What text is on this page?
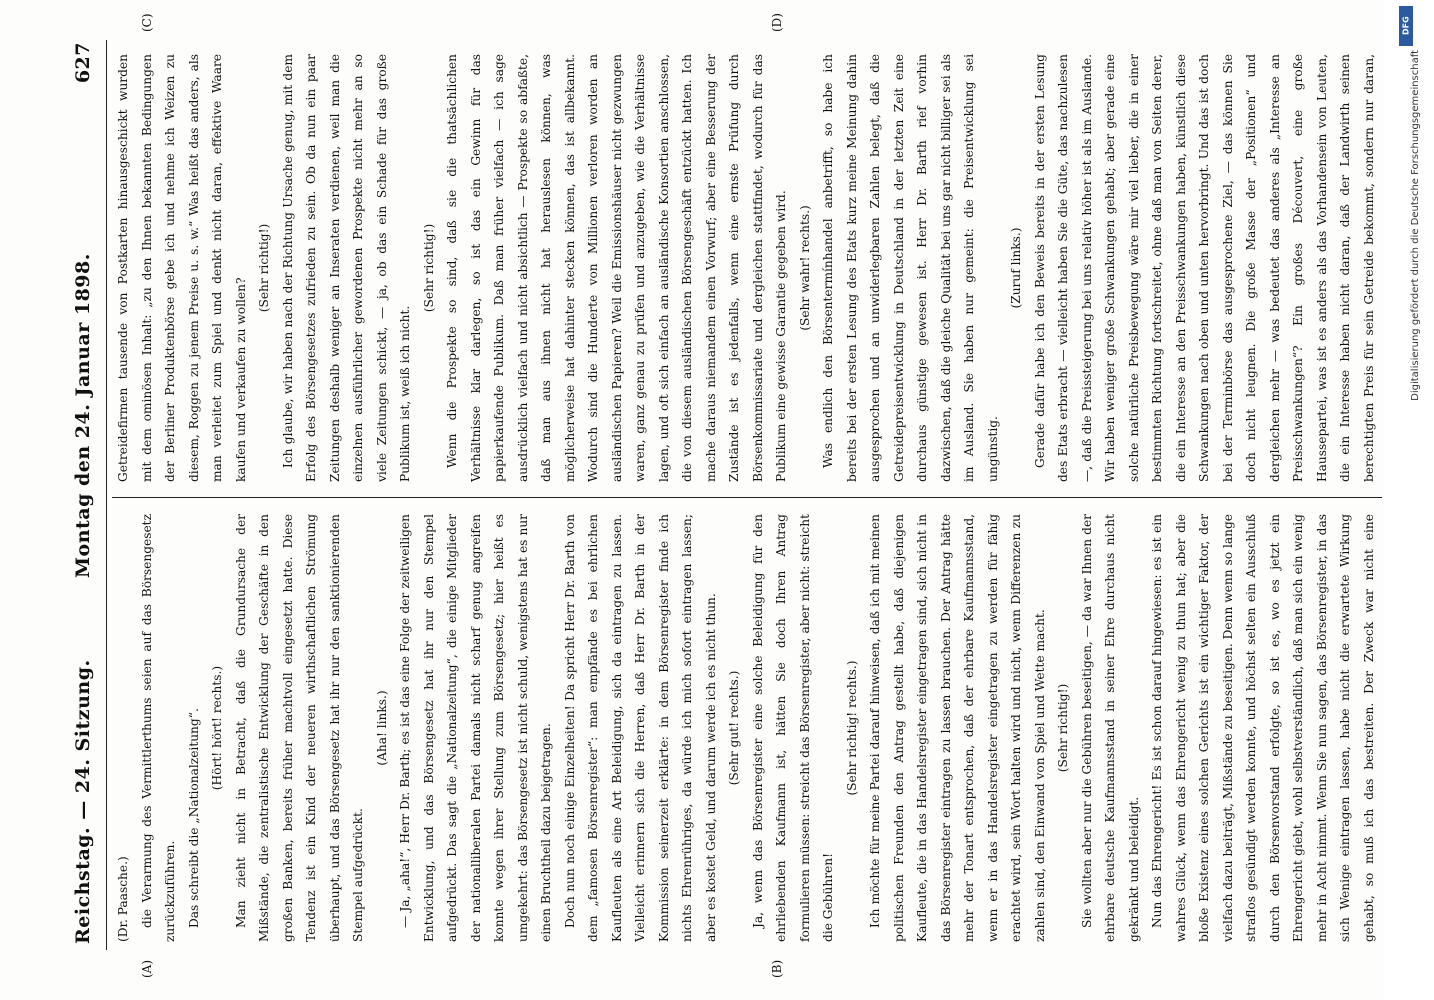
Reichstag. — 24. Sitzung.
Montag den 24. Januar 1898.
627
(A)	(B)
(C)	(D)

(Dr. Paasche.) die Verarmung des Vermittlerthums seien auf das Börsengesetz zurückzuführen. Das schreibt die „Nationalzeitung“. (Hört! hört! rechts.) Man zieht nicht in Betracht, daß die Grundursache der Mißstände, die zentralistische Entwicklung der Geschäfte in den großen Banken, bereits früher machtvoll eingesetzt hatte. Diese Tendenz ist ein Kind der neueren wirthschaftlichen Strömung überhaupt, und das Börsengesetz hat ihr nur den sanktionierenden Stempel aufgedrückt.

(Aha! links.) — Ja, „aha!“, Herr Dr. Barth; es ist das eine Folge der zeitweiligen Entwicklung, und das Börsengesetz hat ihr nur den Stempel aufgedrückt. Das sagt die „Nationalzeitung“, die einige Mitglieder der nationalliberalen Partei damals nicht scharf genug angreifen konnte wegen ihrer Stellung zum Börsengesetz; hier heißt es umgekehrt: das Börsengesetz ist nicht schuld, wenigstens hat es nur einen Bruchtheil dazu beigetragen. Doch nun noch einige Einzelheiten! Da spricht Herr Dr. Barth von dem „famosen Börsenregister“: man empfände es bei ehrlichen Kaufleuten als eine Art Beleidigung, sich da eintragen zu lassen. Vielleicht erinnern sich die Herren, daß Herr Dr. Barth in der Kommission seinerzeit erklärte: in dem Börsenregister finde ich nichts Ehrenrühriges, da würde ich mich sofort eintragen lassen; aber es kostet Geld, und darum werde ich es nicht thun. (Sehr gut! rechts.) Ja, wenn das Börsenregister eine solche Beleidigung für den ehrliebenden Kaufmann ist, hätten Sie doch Ihren Antrag formulieren müssen: streicht das Börsenregister, aber nicht: streicht die Gebühren!

(Sehr richtig! rechts.) Ich möchte für meine Partei darauf hinweisen, daß ich mit meinen politischen Freunden den Antrag gestellt habe, daß diejenigen Kaufleute, die in das Handelsregister eingetragen sind, sich nicht in das Börsenregister eintragen zu lassen brauchen. Der Antrag hätte mehr der Tonart entsprochen, daß der ehrbare Kaufmannsstand, wenn er in das Handelsregister eingetragen zu werden für fähig erachtet wird, sein Wort halten wird und nicht, wenn Differenzen zu zahlen sind, den Einwand von Spiel und Wette macht. (Sehr richtig!) Sie wollten aber nur die Gebühren beseitigen, — da war Ihnen der ehrbare deutsche Kaufmannsstand in seiner Ehre durchaus nicht gekränkt und beleidigt. Nun das Ehrengericht! Es ist schon darauf hingewiesen: es ist ein wahres Glück, wenn das Ehrengericht wenig zu thun hat; aber die bloße Existenz eines solchen Gerichts ist ein wichtiger Faktor, der vielfach dazu beiträgt, Mißstände zu beseitigen. Denn wenn so lange straflos gesündigt werden konnte, und höchst selten ein Ausschluß durch den Börsenvorstand erfolgte, so ist es, wo es jetzt ein Ehrengericht giebt, wohl selbstverständlich, daß man sich ein wenig mehr in Acht nimmt. Wenn Sie nun sagen, das Börsenregister, in das sich Wenige eintragen lassen, habe nicht die erwartete Wirkung gehabt, so muß ich das bestreiten. Der Zweck war nicht eine

Getreidefirmen tausende von Postkarten hinausgeschickt wurden mit dem ominösen Inhalt: „zu den Ihnen bekannten Bedingungen der Berliner Produktenbörse gebe ich und nehme ich Weizen zu diesem, Roggen zu jenem Preise u. s. w.“ Was heißt das anders, als man verleitet zum Spiel und denkt nicht daran, effektive Waare kaufen und verkaufen zu wollen?

(Sehr richtig!) Ich glaube, wir haben nach der Richtung Ursache genug, mit dem Erfolg des Börsengesetzes zufrieden zu sein. Ob da nun ein paar Zeitungen deshalb weniger an Inseraten verdienen, weil man die einzelnen ausführlicher gewordenen Prospekte nicht mehr an so viele Zeitungen schickt, — ja, ob das ein Schade für das große Publikum ist, weiß ich nicht.

(Sehr richtig!) Wenn die Prospekte so sind, daß sie die thatsächlichen Verhältnisse klar darlegen, so ist das ein Gewinn für das papierkaufende Publikum. Daß man früher vielfach — ich sage ausdrücklich vielfach und nicht absichtlich — Prospekte so abfaßte, daß man aus ihnen nicht hat herauslesen können, was möglicherweise hat dahinter stecken können, das ist allbekannt. Wodurch sind die Hunderte von Millionen verloren worden an ausländischen Papieren? Weil die Emissionshäuser nicht gezwungen waren, ganz genau zu prüfen und anzugeben, wie die Verhältnisse lagen, und oft sich einfach an ausländische Konsortien anschlossen, die von diesem ausländischen Börsengeschäft entzückt hatten. Ich mache daraus niemandem einen Vorwurf; aber eine Besserung der Zustände ist es jedenfalls, wenn eine ernste Prüfung durch Börsenkommissariate und dergleichen stattfindet, wodurch für das Publikum eine gewisse Garantie gegeben wird. (Sehr wahr! rechts.) Was endlich den Börsentermínhandel anbetrifft, so habe ich bereits bei der ersten Lesung des Etats kurz meine Meinung dahin ausgesprochen und an unwiderlegbaren Zahlen belegt, daß die Getreidepreisentwicklung in Deutschland in der letzten Zeit eine durchaus günstige gewesen ist. Herr Dr. Barth rief vorhin dazwischen, daß die gleiche Qualität bei uns gar nicht billiger sei als im Ausland. Sie haben nur gemeint: die Preisentwicklung sei ungünstig.

(Zuruf links.)

Gerade dafür habe ich den Beweis bereits in der ersten Lesung des Etats erbracht — vielleicht haben Sie die Güte, das nachzulesen —, daß die Preissteigerung bei uns relativ höher ist als im Auslande. Wir haben weniger große Schwankungen gehabt; aber gerade eine solche natürliche Preisbewegung wäre mir viel lieber, die in einer bestimmten Richtung fortschreitet, ohne daß man von Seiten derer, die ein Interesse an den Preisschwankungen haben, künstlich diese Schwankungen nach oben und unten hervorbringt. Und das ist doch bei der Terminbörse das ausgesprochene Ziel, — das können Sie doch nicht leugnen. Die große Masse der „Positionen“ und dergleichen mehr — was bedeutet das anderes als „Interesse an Preisschwankungen“? Ein großes Découvert, eine große Haussepartei, was ist es anders als das Vorhandensein von Leuten, die ein Interesse haben nicht daran, daß der Landwirth seinen berechtigten Preis für sein Getreide bekommt, sondern nur daran,

DFG
Digitalisierung gefördert durch die Deutsche Forschungsgemeinschaft
